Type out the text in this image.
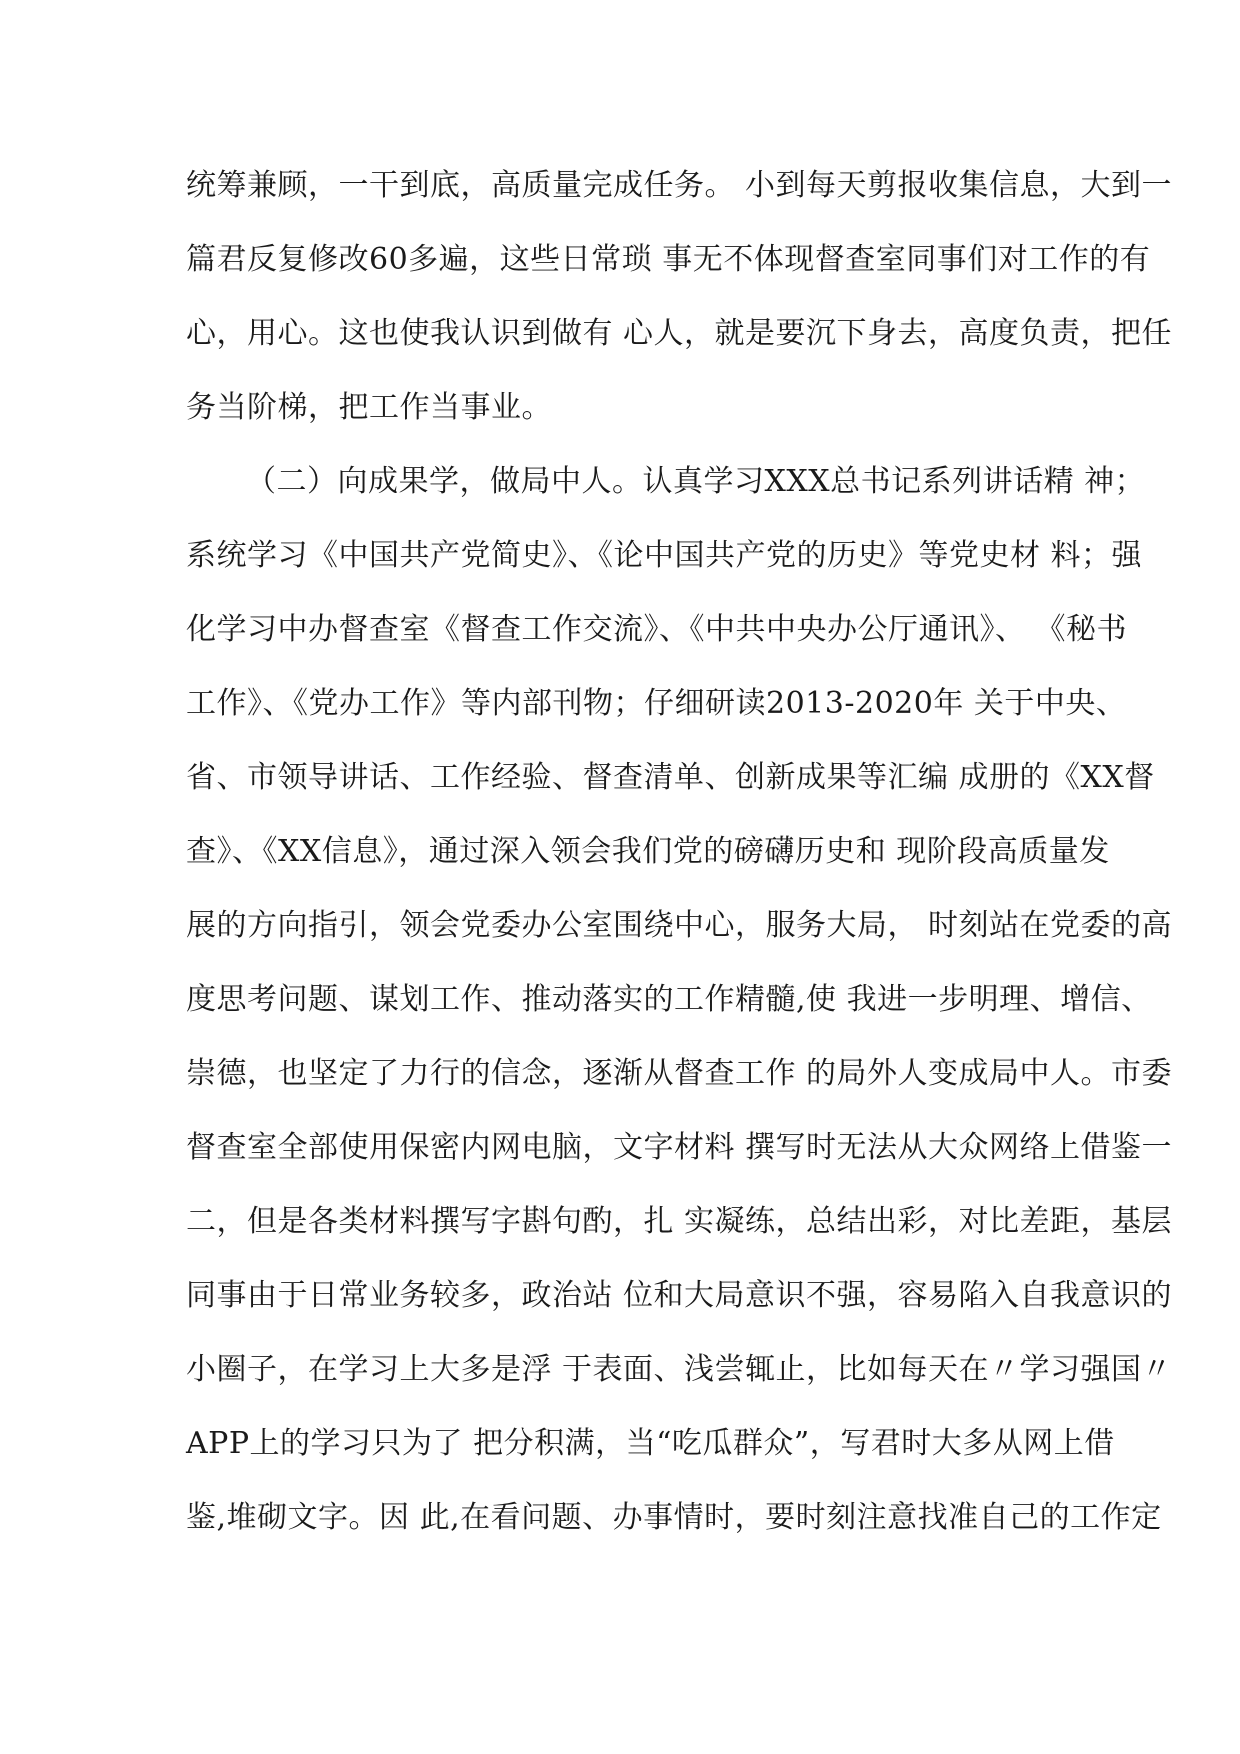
统筹兼顾，一干到底，高质量完成任务。 小到每天剪报收集信息，大到一
篇君反复修改60多遍，这些日常琐 事无不体现督查室同事们对工作的有
心，用心。这也使我认识到做有 心人，就是要沉下身去，高度负责，把任
务当阶梯，把工作当事业。
（二）向成果学，做局中人。认真学习XXX总书记系列讲话精 神；
系统学习《中国共产党简史》、《论中国共产党的历史》等党史材 料；强
化学习中办督查室《督查工作交流》、《中共中央办公厅通讯》、 《秘书
工作》、《党办工作》等内部刊物；仔细研读2013-2020年 关于中央、
省、市领导讲话、工作经验、督查清单、创新成果等汇编 成册的《XX督
查》、《XX信息》，通过深入领会我们党的磅礴历史和 现阶段高质量发
展的方向指引，领会党委办公室围绕中心，服务大局， 时刻站在党委的高
度思考问题、谋划工作、推动落实的工作精髓,使 我进一步明理、增信、
崇德，也坚定了力行的信念，逐渐从督查工作 的局外人变成局中人。市委
督查室全部使用保密内网电脑，文字材料 撰写时无法从大众网络上借鉴一
二，但是各类材料撰写字斟句酌，扎 实凝练，总结出彩，对比差距，基层
同事由于日常业务较多，政治站 位和大局意识不强，容易陷入自我意识的
小圈子，在学习上大多是浮 于表面、浅尝辄止，比如每天在〃学习强国〃
APP上的学习只为了 把分积满，当“吃瓜群众”，写君时大多从网上借
鉴,堆砌文字。因 此,在看问题、办事情时，要时刻注意找准自己的工作定
